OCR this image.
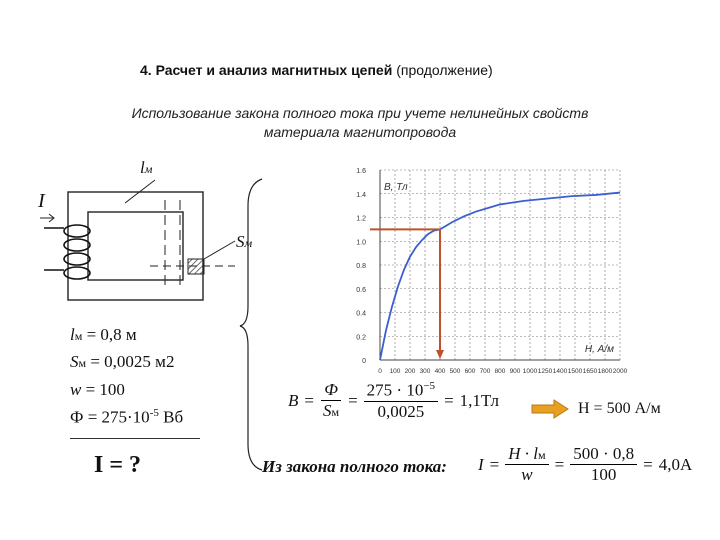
4. Расчет и анализ магнитных цепей (продолжение)
Использование закона полного тока при учете нелинейных свойств
материала магнитопровода
lм
I
Sм
lм = 0,8 м
Sм = 0,0025 м2
w = 100
$Ф = 275\cdot 10^{-5}$ Вб
I = ?
0 100 200 300 400 500 600 700 800 900 1000 1250 1400 1500 1650 1800 2000
0
0.2
0.4
0.6
0.8
1.0
1.2
1.4
1.6
B, Тл
H, А/м
$B = \frac{Ф}{Sм} = \frac{275 \cdot 10^{-5}}{0,0025} = 1,1Тл$	H = 500 А/м
Из закона полного тока: $I = \frac{H \cdot lм}{w} = \frac{500 \cdot 0,8}{100} = 4,0А$
